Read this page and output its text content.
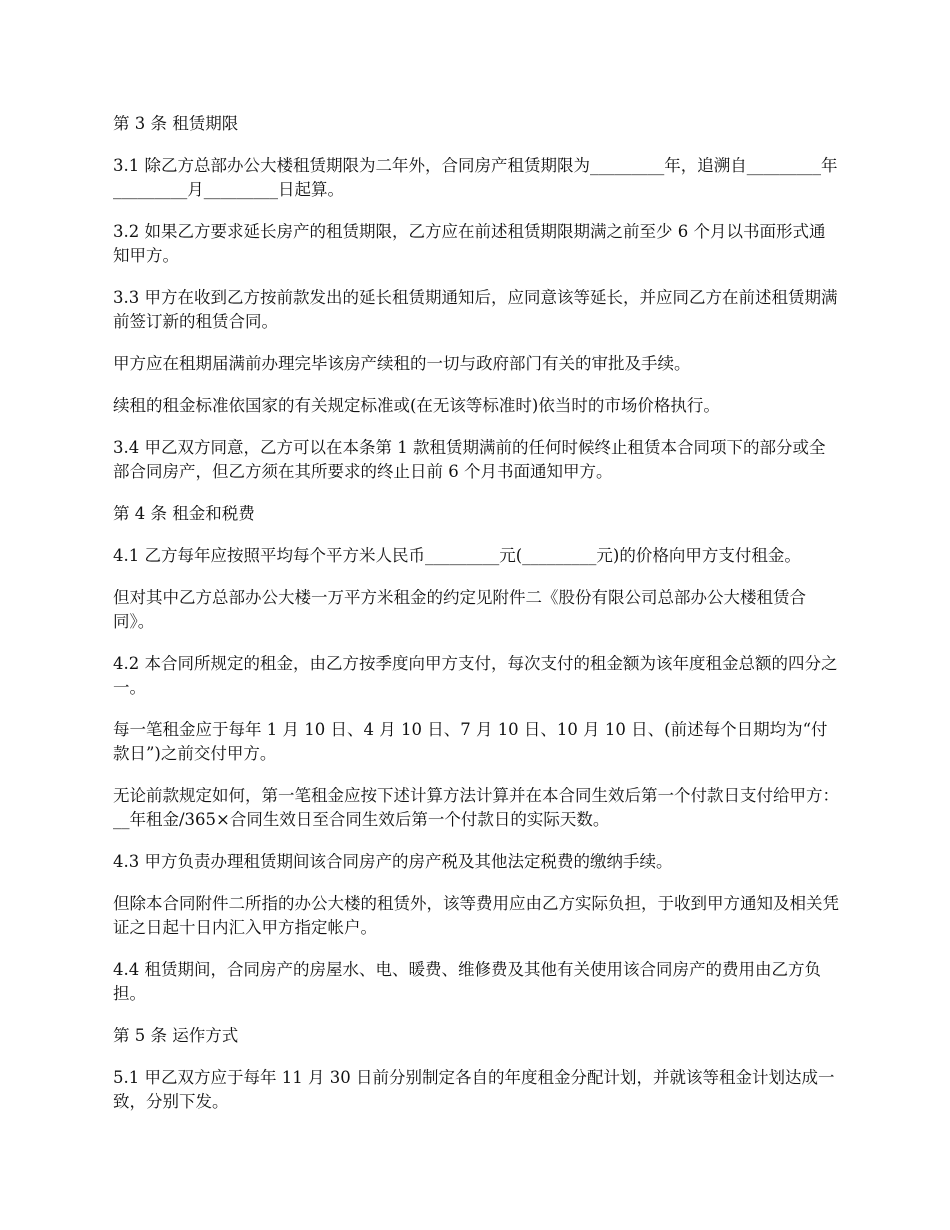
第 3 条 租赁期限

3.1 除乙方总部办公大楼租赁期限为二年外，合同房产租赁期限为_________年，追溯自_________年_________月_________日起算。

3.2 如果乙方要求延长房产的租赁期限，乙方应在前述租赁期限期满之前至少 6 个月以书面形式通知甲方。

3.3 甲方在收到乙方按前款发出的延长租赁期通知后，应同意该等延长，并应同乙方在前述租赁期满前签订新的租赁合同。

甲方应在租期届满前办理完毕该房产续租的一切与政府部门有关的审批及手续。

续租的租金标准依国家的有关规定标准或(在无该等标准时)依当时的市场价格执行。

3.4 甲乙双方同意，乙方可以在本条第 1 款租赁期满前的任何时候终止租赁本合同项下的部分或全部合同房产，但乙方须在其所要求的终止日前 6 个月书面通知甲方。

第 4 条 租金和税费

4.1 乙方每年应按照平均每个平方米人民币_________元(_________元)的价格向甲方支付租金。

但对其中乙方总部办公大楼一万平方米租金的约定见附件二《股份有限公司总部办公大楼租赁合同》。

4.2 本合同所规定的租金，由乙方按季度向甲方支付，每次支付的租金额为该年度租金总额的四分之一。

每一笔租金应于每年 1 月 10 日、4 月 10 日、7 月 10 日、10 月 10 日、(前述每个日期均为“付款日”)之前交付甲方。

无论前款规定如何，第一笔租金应按下述计算方法计算并在本合同生效后第一个付款日支付给甲方：__年租金/365×合同生效日至合同生效后第一个付款日的实际天数。

4.3 甲方负责办理租赁期间该合同房产的房产税及其他法定税费的缴纳手续。

但除本合同附件二所指的办公大楼的租赁外，该等费用应由乙方实际负担，于收到甲方通知及相关凭证之日起十日内汇入甲方指定帐户。

4.4 租赁期间，合同房产的房屋水、电、暖费、维修费及其他有关使用该合同房产的费用由乙方负担。

第 5 条 运作方式

5.1 甲乙双方应于每年 11 月 30 日前分别制定各自的年度租金分配计划，并就该等租金计划达成一致，分别下发。
